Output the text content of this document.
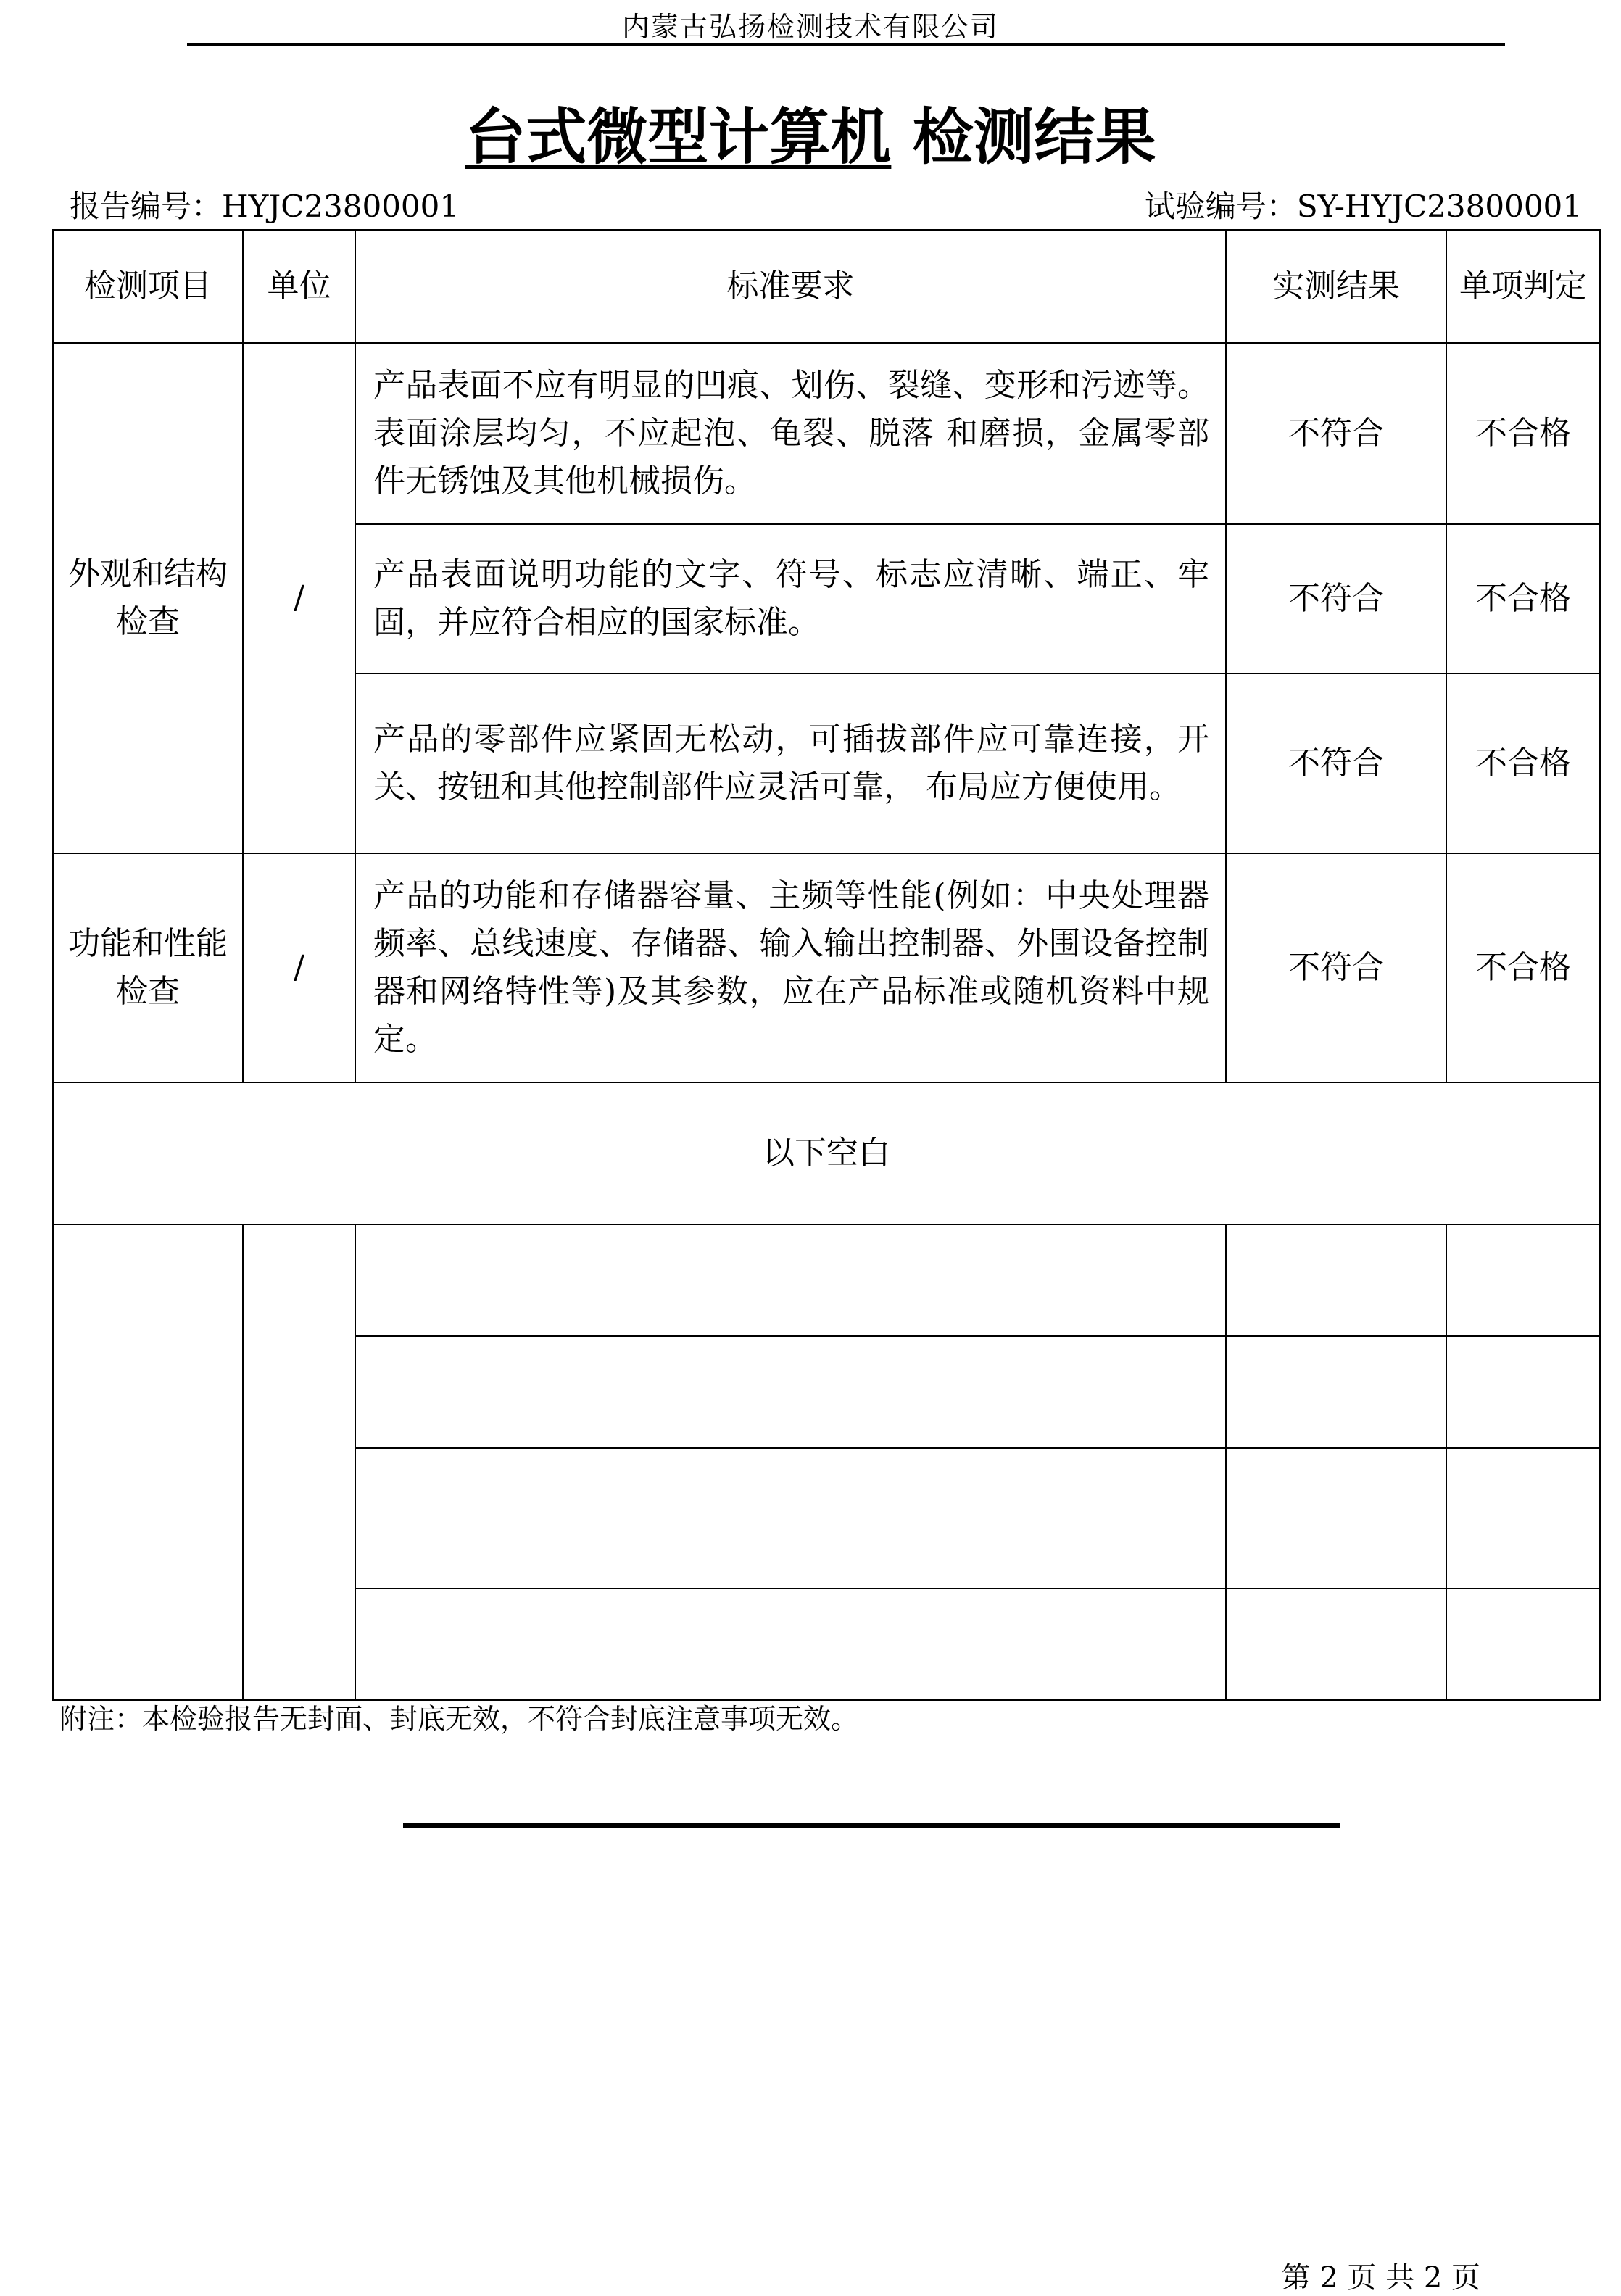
内蒙古弘扬检测技术有限公司
台式微型计算机 检测结果
报告编号：HYJC23800001	试验编号：SY-HYJC23800001
检测项目	单位	标准要求	实测结果	单项判定
外观和结构检查	/	产品表面不应有明显的凹痕、划伤、裂缝、变形和污迹等。表面涂层均匀，不应起泡、龟裂、脱落 和磨损，金属零部件无锈蚀及其他机械损伤。	不符合	不合格
		产品表面说明功能的文字、符号、标志应清晰、端正、牢固，并应符合相应的国家标准。	不符合	不合格
		产品的零部件应紧固无松动，可插拔部件应可靠连接，开关、按钮和其他控制部件应灵活可靠， 布局应方便使用。	不符合	不合格
功能和性能检查	/	产品的功能和存储器容量、主频等性能(例如：中央处理器频率、总线速度、存储器、输入输出控制器、外围设备控制器和网络特性等)及其参数，应在产品标准或随机资料中规定。	不符合	不合格
以下空白				

附注：本检验报告无封面、封底无效，不符合封底注意事项无效。
第 2 页 共 2 页
